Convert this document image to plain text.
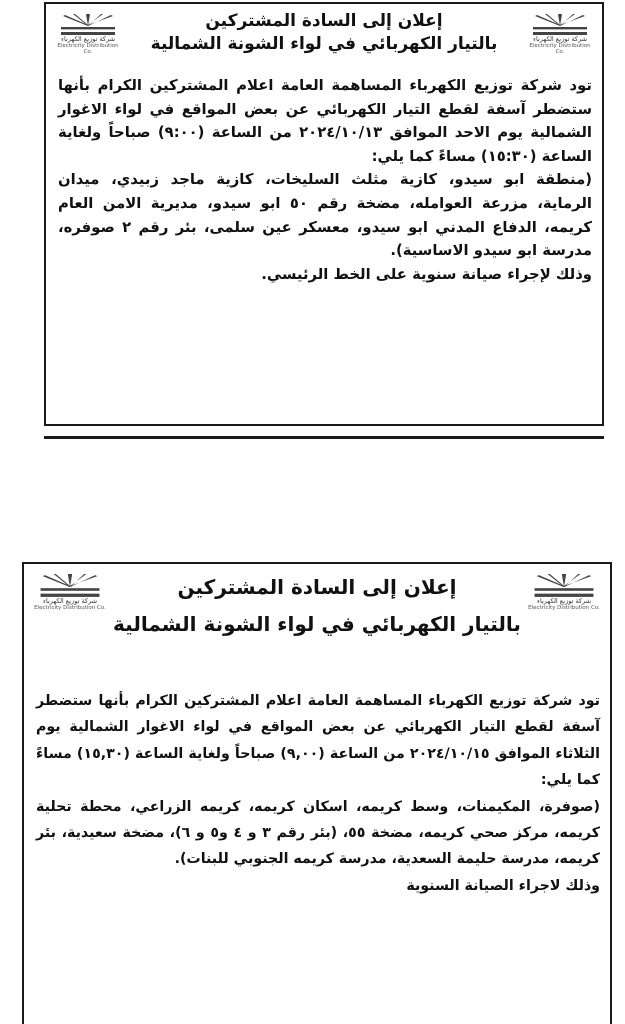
شركة توزيع الكهرباء
Electricity Distribution Co.
إعلان إلى السادة المشتركين
بالتيار الكهربائي في لواء الشونة الشمالية
شركة توزيع الكهرباء
Electricity Distribution Co.

تود شركة توزيع الكهرباء المساهمة العامة اعلام المشتركين الكرام بأنها ستضطر آسفة لقطع التيار الكهربائي عن بعض المواقع في لواء الاغوار الشمالية يوم الاحد الموافق ٢٠٢٤/١٠/١٣ من الساعة (٩:٠٠) صباحاً ولغاية الساعة (١٥:٣٠) مساءً كما يلي:

(منطقة ابو سيدو، كازية مثلث السليخات، كازية ماجد زبيدي، ميدان الرماية، مزرعة العوامله، مضخة رقم ٥٠ ابو سيدو، مديرية الامن العام كريمه، الدفاع المدني ابو سيدو، معسكر عين سلمى، بئر رقم ٢ صوفره، مدرسة ابو سيدو الاساسية).

وذلك لإجراء صيانة سنوية على الخط الرئيسي.

شركة توزيع الكهرباء
Electricity Distribution Co.
إعلان إلى السادة المشتركين
بالتيار الكهربائي في لواء الشونة الشمالية
شركة توزيع الكهرباء
Electricity Distribution Co.

تود شركة توزيع الكهرباء المساهمة العامة اعلام المشتركين الكرام بأنها ستضطر آسفة لقطع التيار الكهربائي عن بعض المواقع في لواء الاغوار الشمالية يوم الثلاثاء الموافق ٢٠٢٤/١٠/١٥ من الساعة (٩,٠٠) صباحاً ولغاية الساعة (١٥,٣٠) مساءً كما يلي:

(صوفرة، المكيمنات، وسط كريمه، اسكان كريمه، كريمه الزراعي، محطة تحلية كريمه، مركز صحي كريمه، مضخة ٥٥، (بئر رقم ٣ و ٤ و٥ و ٦)، مضخة سعيدية، بئر كريمه، مدرسة حليمة السعدية، مدرسة كريمه الجنوبي للبنات).

وذلك لاجراء الصيانة السنوية
